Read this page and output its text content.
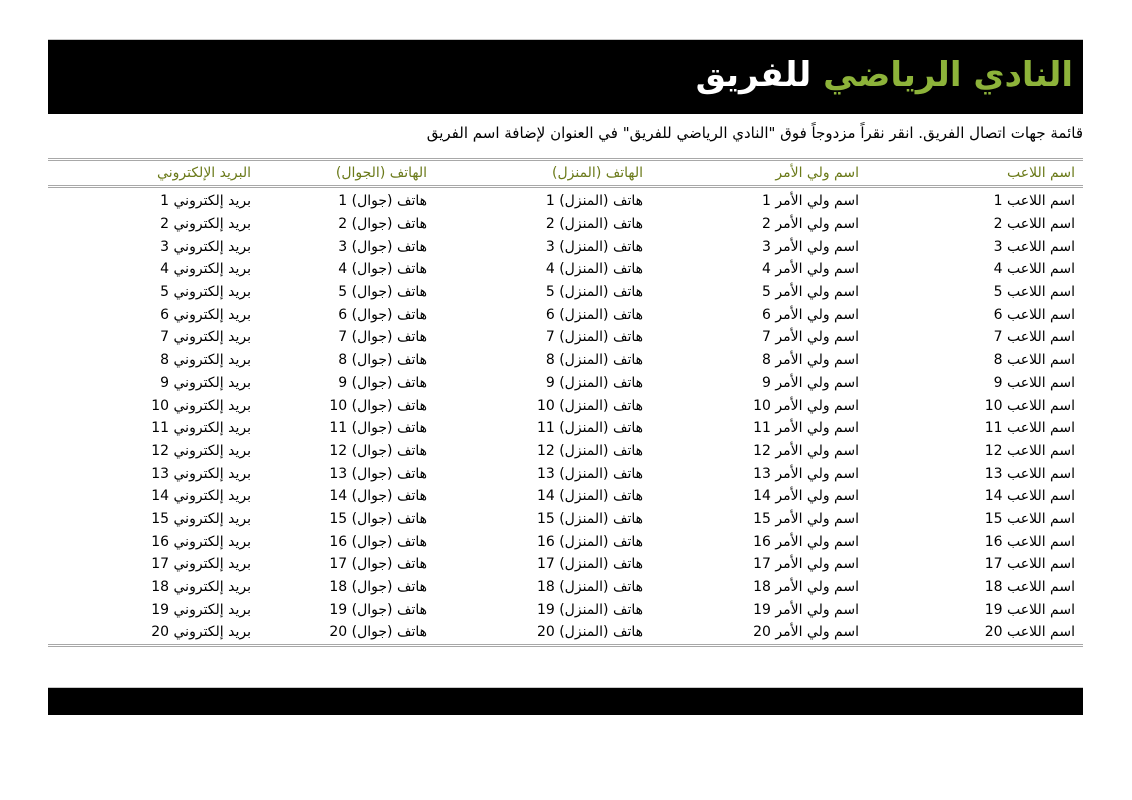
النادي الرياضي للفريق
قائمة جهات اتصال الفريق. انقر نقراً مزدوجاً فوق "النادي الرياضي للفريق" في العنوان لإضافة اسم الفريق
اسم اللاعب	اسم ولي الأمر	الهاتف (المنزل)	الهاتف (الجوال)	البريد الإلكتروني
اسم اللاعب 1	اسم ولي الأمر 1	هاتف (المنزل) 1	هاتف (جوال) 1	بريد إلكتروني 1
اسم اللاعب 2	اسم ولي الأمر 2	هاتف (المنزل) 2	هاتف (جوال) 2	بريد إلكتروني 2
اسم اللاعب 3	اسم ولي الأمر 3	هاتف (المنزل) 3	هاتف (جوال) 3	بريد إلكتروني 3
اسم اللاعب 4	اسم ولي الأمر 4	هاتف (المنزل) 4	هاتف (جوال) 4	بريد إلكتروني 4
اسم اللاعب 5	اسم ولي الأمر 5	هاتف (المنزل) 5	هاتف (جوال) 5	بريد إلكتروني 5
اسم اللاعب 6	اسم ولي الأمر 6	هاتف (المنزل) 6	هاتف (جوال) 6	بريد إلكتروني 6
اسم اللاعب 7	اسم ولي الأمر 7	هاتف (المنزل) 7	هاتف (جوال) 7	بريد إلكتروني 7
اسم اللاعب 8	اسم ولي الأمر 8	هاتف (المنزل) 8	هاتف (جوال) 8	بريد إلكتروني 8
اسم اللاعب 9	اسم ولي الأمر 9	هاتف (المنزل) 9	هاتف (جوال) 9	بريد إلكتروني 9
اسم اللاعب 10	اسم ولي الأمر 10	هاتف (المنزل) 10	هاتف (جوال) 10	بريد إلكتروني 10
اسم اللاعب 11	اسم ولي الأمر 11	هاتف (المنزل) 11	هاتف (جوال) 11	بريد إلكتروني 11
اسم اللاعب 12	اسم ولي الأمر 12	هاتف (المنزل) 12	هاتف (جوال) 12	بريد إلكتروني 12
اسم اللاعب 13	اسم ولي الأمر 13	هاتف (المنزل) 13	هاتف (جوال) 13	بريد إلكتروني 13
اسم اللاعب 14	اسم ولي الأمر 14	هاتف (المنزل) 14	هاتف (جوال) 14	بريد إلكتروني 14
اسم اللاعب 15	اسم ولي الأمر 15	هاتف (المنزل) 15	هاتف (جوال) 15	بريد إلكتروني 15
اسم اللاعب 16	اسم ولي الأمر 16	هاتف (المنزل) 16	هاتف (جوال) 16	بريد إلكتروني 16
اسم اللاعب 17	اسم ولي الأمر 17	هاتف (المنزل) 17	هاتف (جوال) 17	بريد إلكتروني 17
اسم اللاعب 18	اسم ولي الأمر 18	هاتف (المنزل) 18	هاتف (جوال) 18	بريد إلكتروني 18
اسم اللاعب 19	اسم ولي الأمر 19	هاتف (المنزل) 19	هاتف (جوال) 19	بريد إلكتروني 19
اسم اللاعب 20	اسم ولي الأمر 20	هاتف (المنزل) 20	هاتف (جوال) 20	بريد إلكتروني 20
